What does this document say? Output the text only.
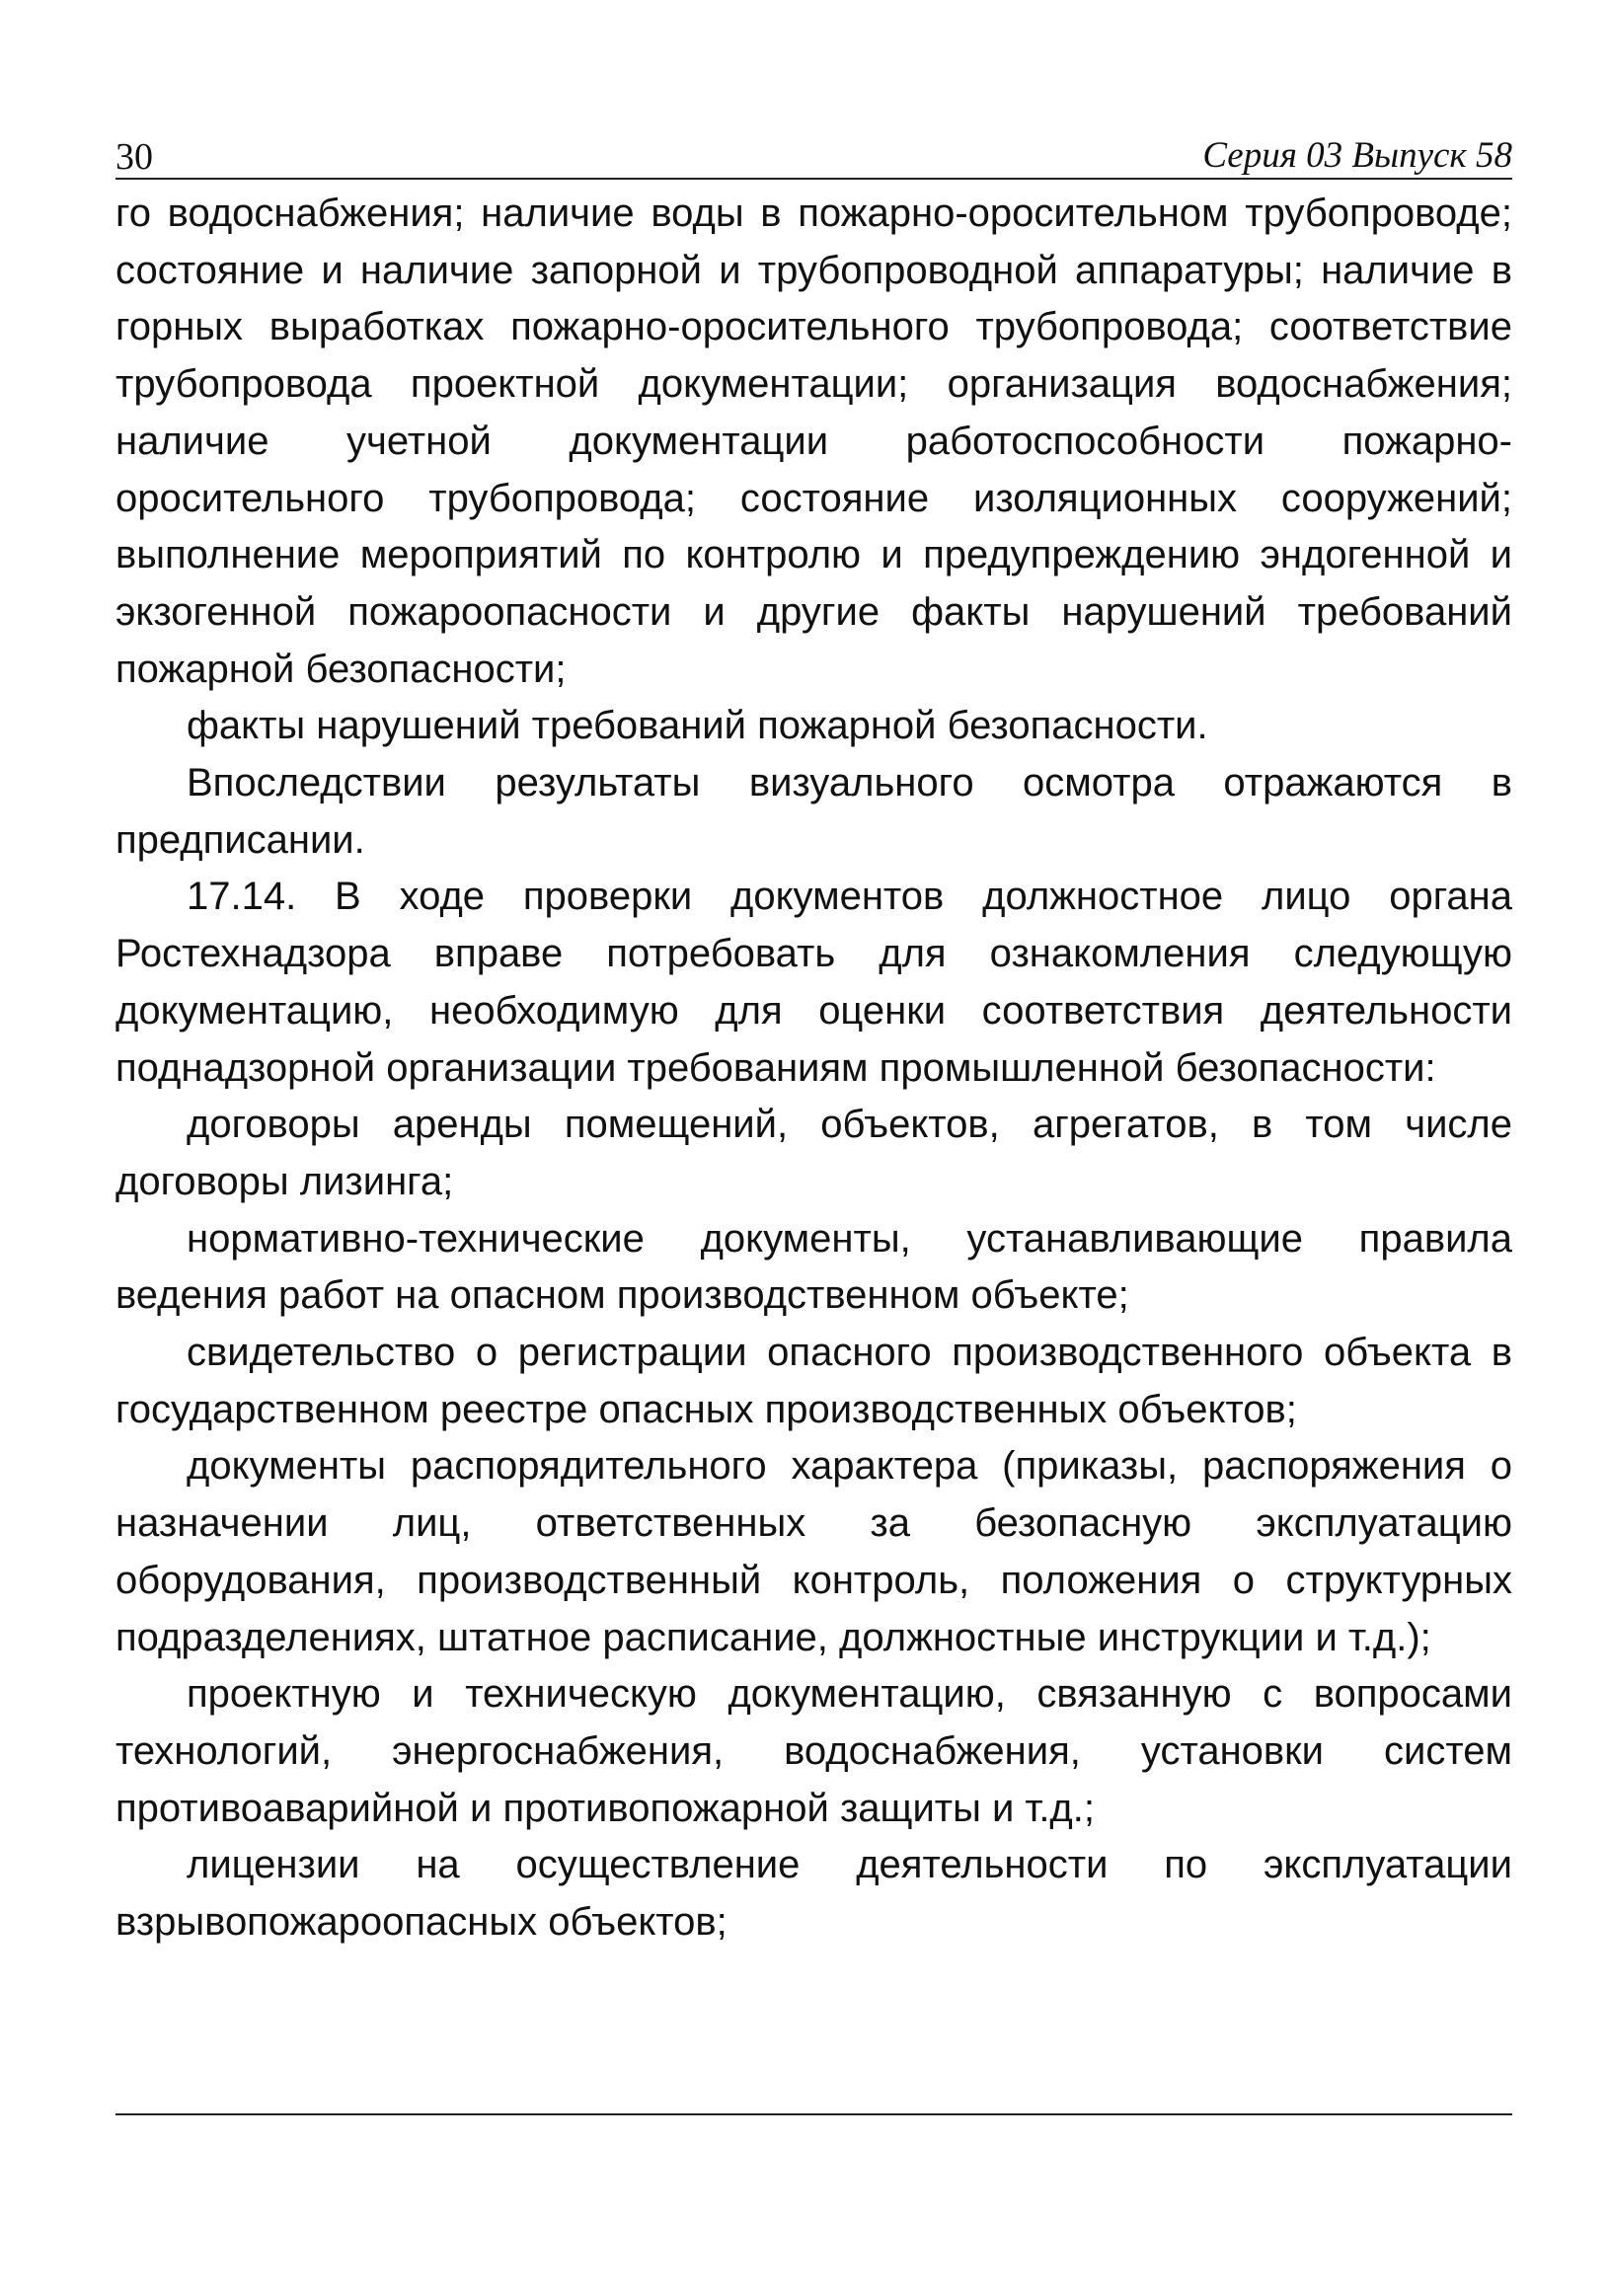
30	Серия 03 Выпуск 58

го водоснабжения; наличие воды в пожарно-оросительном трубопроводе; состояние и наличие запорной и трубопроводной аппаратуры; наличие в горных выработках пожарно-оросительного трубопровода; соответствие трубопровода проектной документации; организация водоснабжения; наличие учетной документации работоспособности пожарно-оросительного трубопровода; состояние изоляционных сооружений; выполнение мероприятий по контролю и предупреждению эндогенной и экзогенной пожароопасности и другие факты нарушений требований пожарной безопасности;

факты нарушений требований пожарной безопасности.

Впоследствии результаты визуального осмотра отражаются в предписании.

17.14. В ходе проверки документов должностное лицо органа Ростехнадзора вправе потребовать для ознакомления следующую документацию, необходимую для оценки соответствия деятельности поднадзорной организации требованиям промышленной безопасности:

договоры аренды помещений, объектов, агрегатов, в том числе договоры лизинга;

нормативно-технические документы, устанавливающие правила ведения работ на опасном производственном объекте;

свидетельство о регистрации опасного производственного объекта в государственном реестре опасных производственных объектов;

документы распорядительного характера (приказы, распоряжения о назначении лиц, ответственных за безопасную эксплуатацию оборудования, производственный контроль, положения о структурных подразделениях, штатное расписание, должностные инструкции и т.д.);

проектную и техническую документацию, связанную с вопросами технологий, энергоснабжения, водоснабжения, установки систем противоаварийной и противопожарной защиты и т.д.;

лицензии на осуществление деятельности по эксплуатации взрывопожароопасных объектов;
